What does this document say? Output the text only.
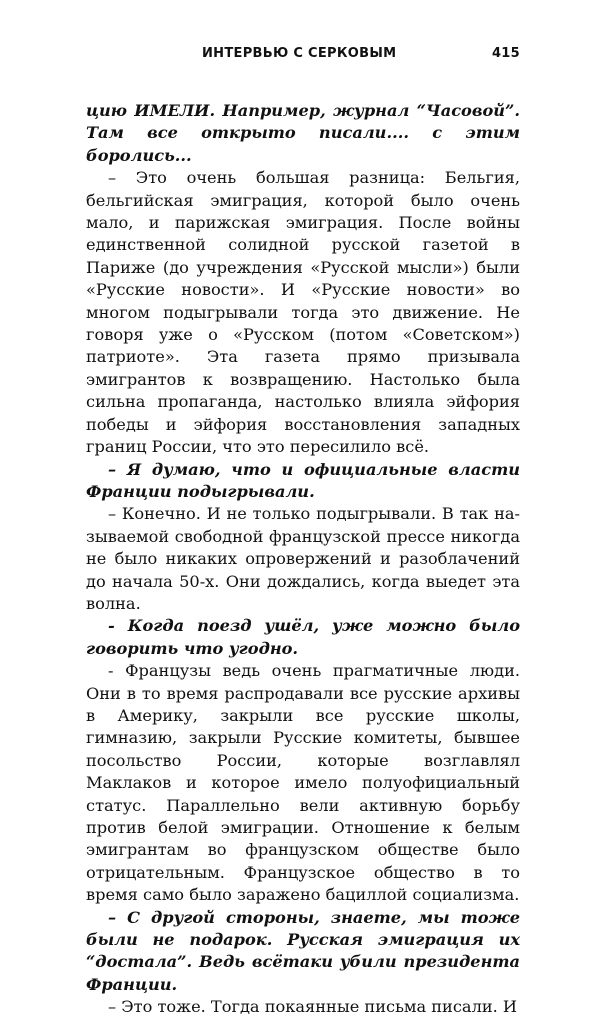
ИНТЕРВЬЮ С СЕРКОВЫМ	415

цию ИМЕЛИ. Например, журнал “Часовой”. Там все открыто писали.... с этим боролись...

– Это очень большая разница: Бельгия, бельгийская эмиграция, которой было очень мало, и парижская эмиграция. После войны единственной солидной русской газетой в Париже (до учреждения «Русской мысли») были «Русские новости». И «Русские новости» во многом подыгрывали тогда это движение. Не говоря уже о «Русском (потом «Советском») патриоте». Эта газета прямо призывала эмигрантов к возвращению. Настолько была сильна пропаганда, настолько влияла эйфория победы и эйфория восстановления западных границ России, что это пересилило всё.

– Я думаю, что и официальные власти Франции подыгрывали.

– Конечно. И не только подыгрывали. В так называемой свободной французской прессе никогда не было никаких опровержений и разоблачений до начала 50-х. Они дождались, когда выедет эта волна.

- Когда поезд ушёл, уже можно было говорить что угодно.

- Французы ведь очень прагматичные люди. Они в то время распродавали все русские архивы в Америку, закрыли все русские школы, гимназию, закрыли Русские комитеты, бывшее посольство России, которые возглавлял Маклаков и которое имело полуофициальный статус. Параллельно вели активную борьбу против белой эмиграции. Отношение к белым эмигрантам во французском обществе было отрицательным. Французское общество в то время само было заражено бациллой социализма.

– С другой стороны, знаете, мы тоже были не подарок. Русская эмиграция их “достала”. Ведь всётаки убили президента Франции.

– Это тоже. Тогда покаянные письма писали. И
